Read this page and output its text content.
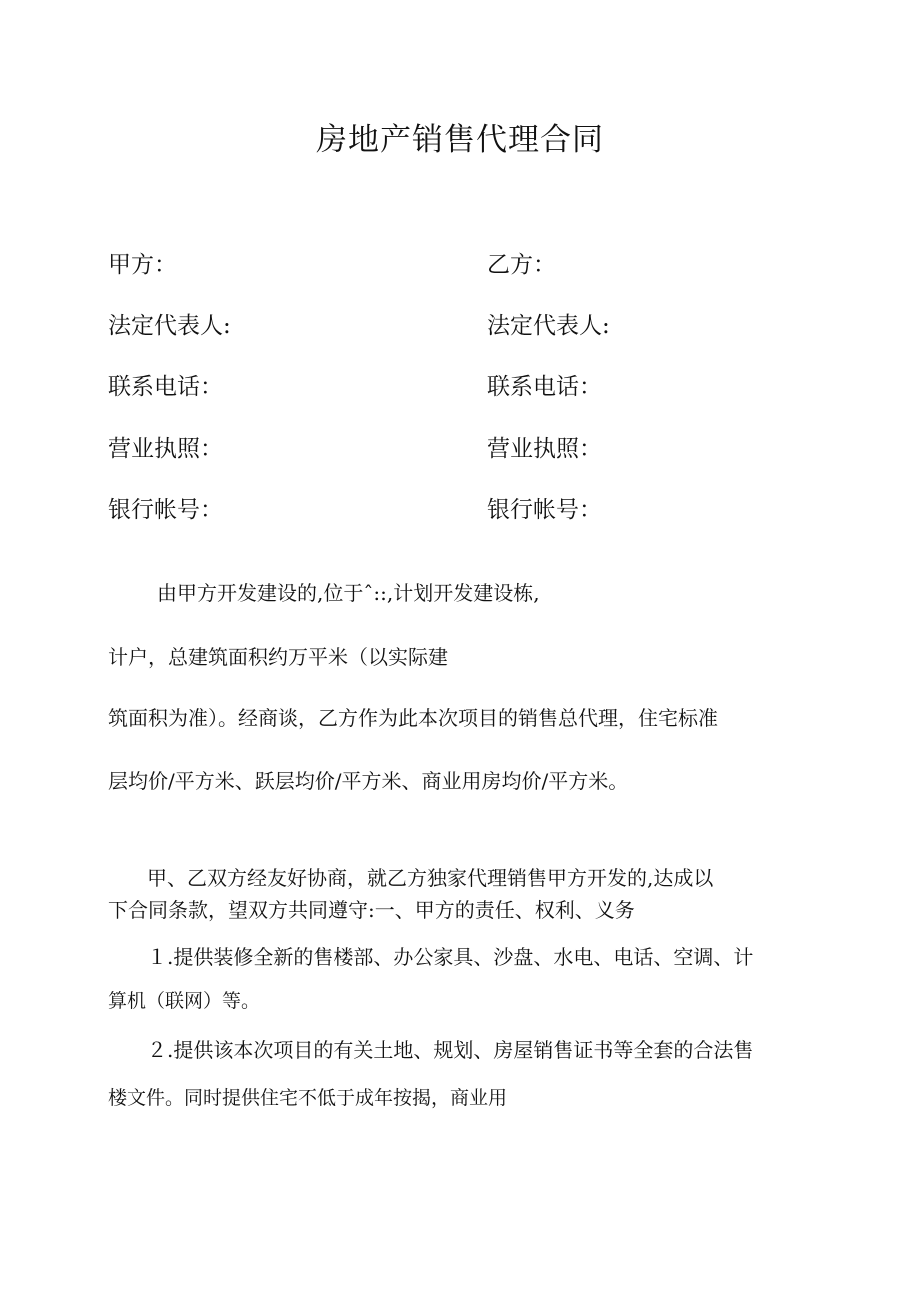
房地产销售代理合同
甲方：	乙方：
法定代表人:	法定代表人:
联系电话：	联系电话：
营业执照：	营业执照：
银行帐号：	银行帐号：
由甲方开发建设的,位于ˆ::,计划开发建设栋,
计户，总建筑面积约万平米（以实际建
筑面积为准）。经商谈，乙方作为此本次项目的销售总代理，住宅标准
层均价/平方米、跃层均价/平方米、商业用房均价/平方米。
甲、乙双方经友好协商，就乙方独家代理销售甲方开发的,达成以
下合同条款，望双方共同遵守:一、甲方的责任、权利、义务
１.提供装修全新的售楼部、办公家具、沙盘、水电、电话、空调、计
算机（联网）等。
２.提供该本次项目的有关土地、规划、房屋销售证书等全套的合法售
楼文件。同时提供住宅不低于成年按揭，商业用
